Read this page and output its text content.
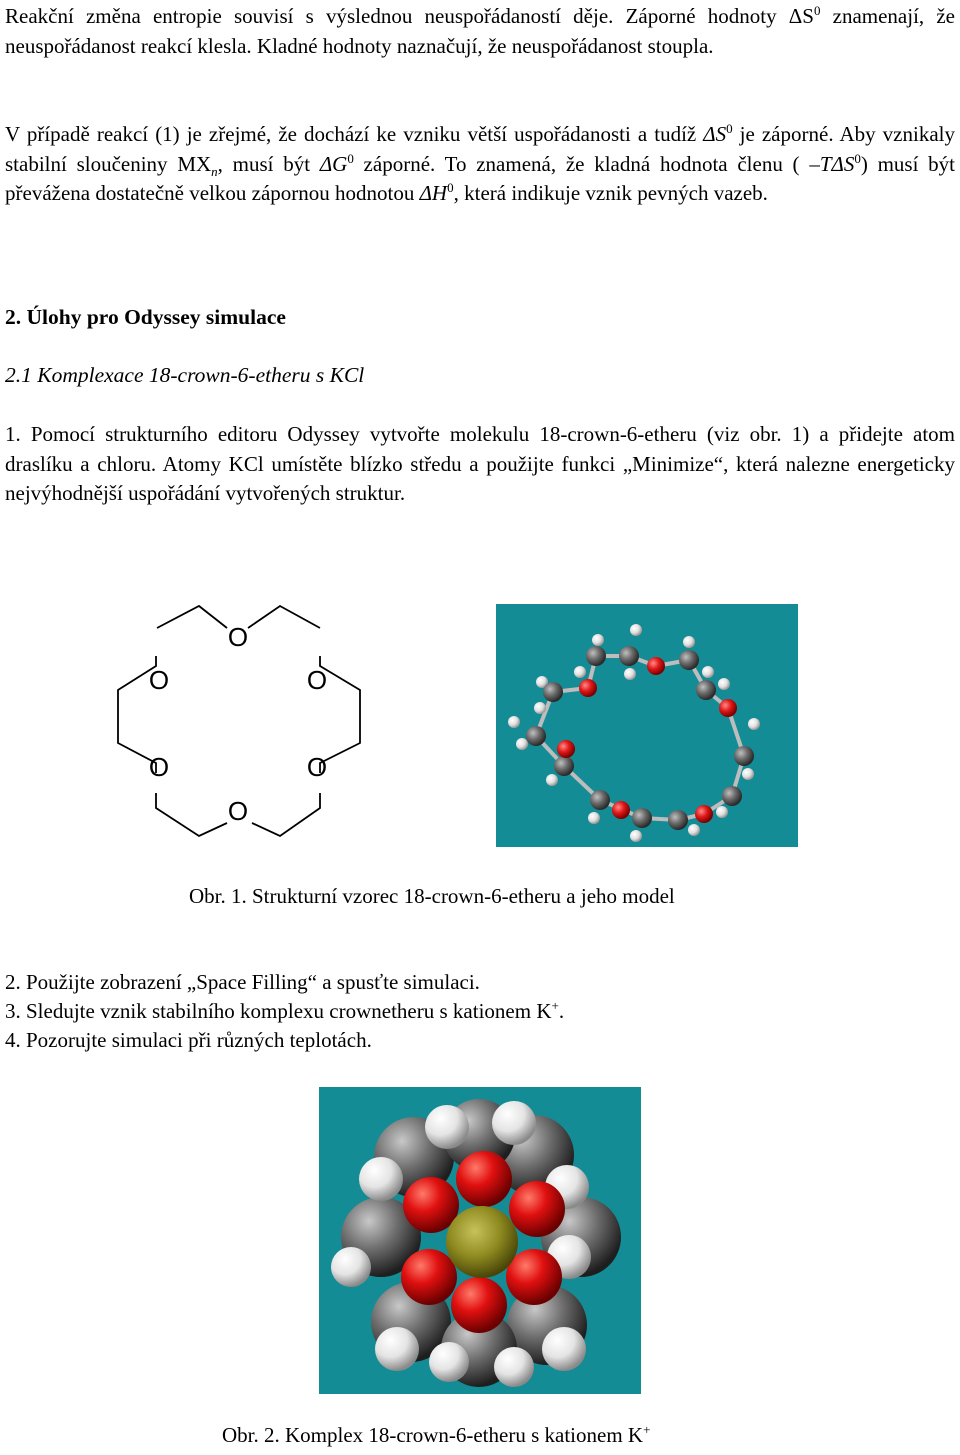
Reakční změna entropie souvisí s výslednou neuspořádaností děje. Záporné hodnoty $\Delta S^0$ znamenají, že neuspořádanost reakcí klesla. Kladné hodnoty naznačují, že neuspořádanost stoupla.

V případě reakcí (1) je zřejmé, že dochází ke vzniku větší uspořádanosti a tudíž $\Delta S^0$ je záporné. Aby vznikaly stabilní sloučeniny $MX_n$, musí být $\Delta G^0$ záporné. To znamená, že kladná hodnota členu ( –TΔS$^0$) musí být převážena dostatečně velkou zápornou hodnotou $\Delta H^0$, která indikuje vznik pevných vazeb.

2. Úlohy pro Odyssey simulace

2.1 Komplexace 18-crown-6-etheru s KCl

1. Pomocí strukturního editoru Odyssey vytvořte molekulu 18-crown-6-etheru (viz obr. 1) a přidejte atom draslíku a chloru. Atomy KCl umístěte blízko středu a použijte funkci „Minimize“, která nalezne energeticky nejvýhodnější uspořádání vytvořených struktur.

O
O	O
O	O
O

Obr. 1. Strukturní vzorec 18-crown-6-etheru a jeho model

2. Použijte zobrazení „Space Filling“ a spusťte simulaci.

3. Sledujte vznik stabilního komplexu crownetheru s kationem K+.

4. Pozorujte simulaci při různých teplotách.

Obr. 2. Komplex 18-crown-6-etheru s kationem K+
